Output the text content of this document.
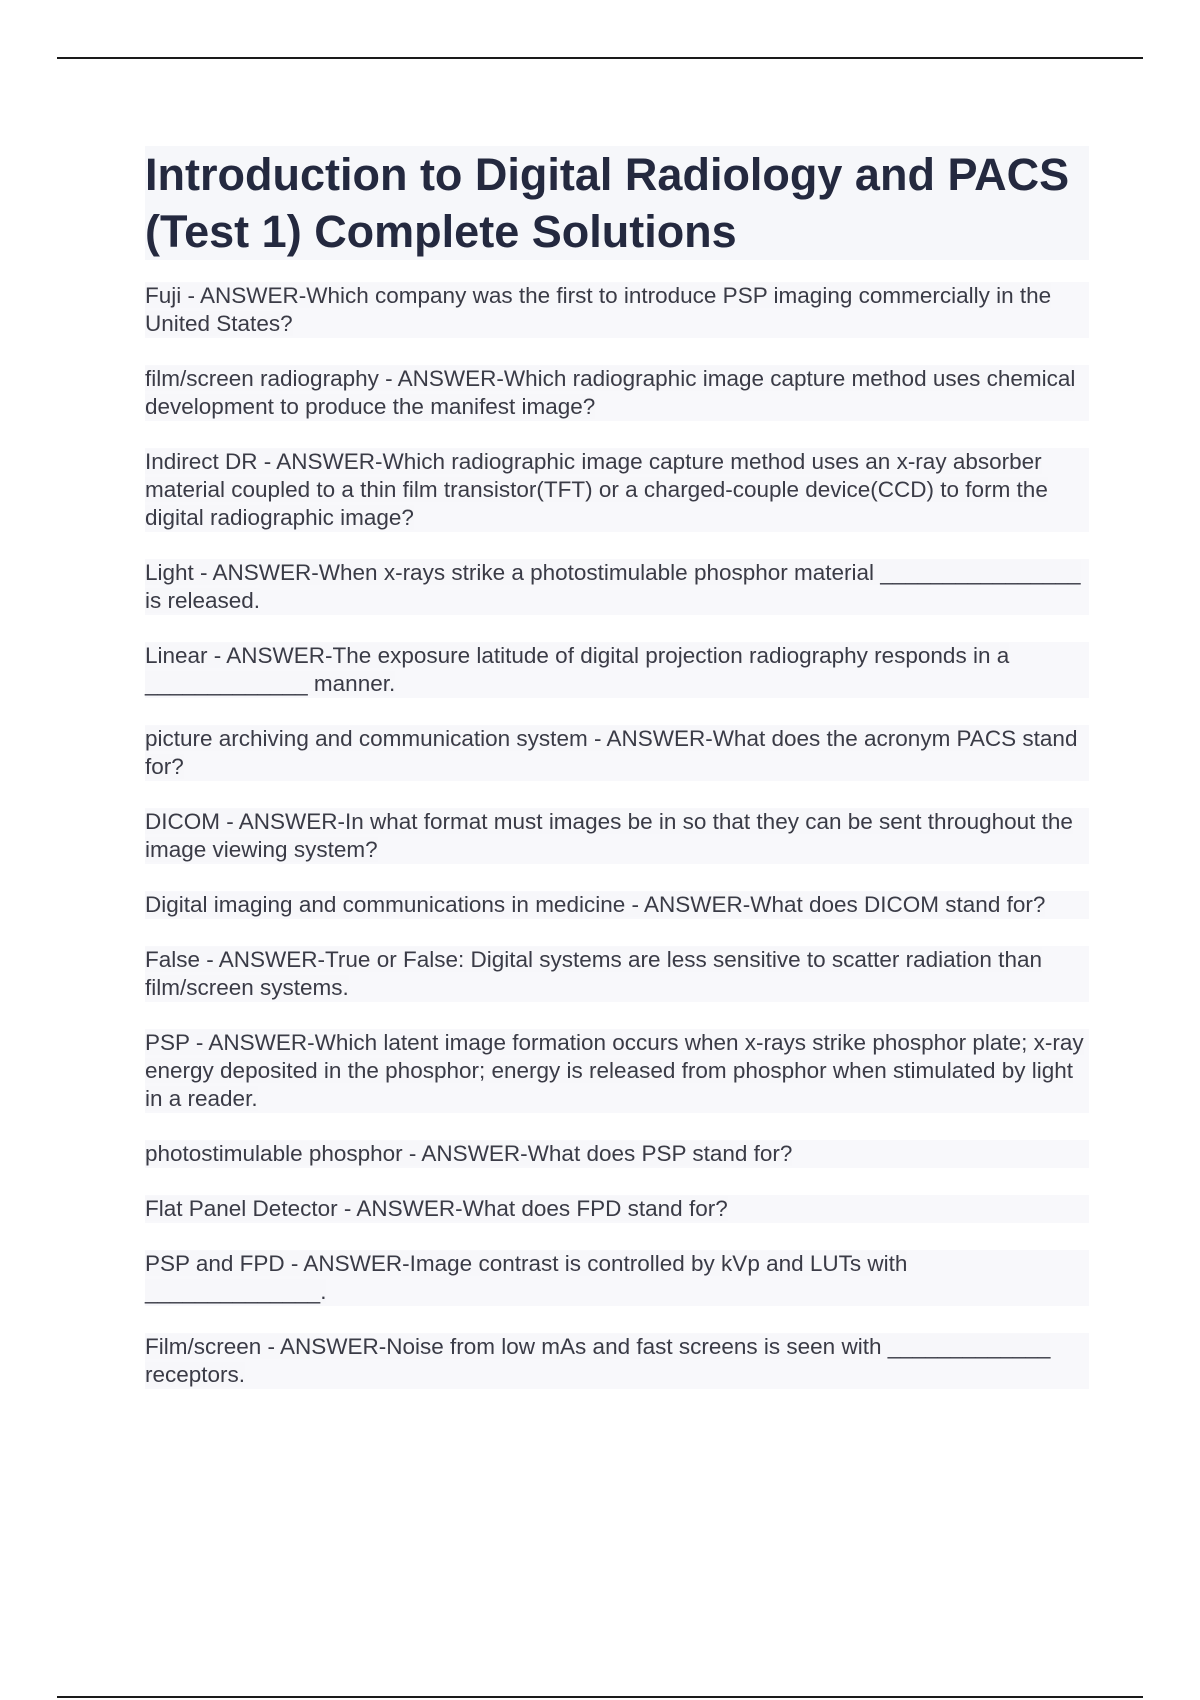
Introduction to Digital Radiology and PACS (Test 1) Complete Solutions
Fuji - ANSWER-Which company was the first to introduce PSP imaging commercially in the United States?
film/screen radiography - ANSWER-Which radiographic image capture method uses chemical development to produce the manifest image?
Indirect DR - ANSWER-Which radiographic image capture method uses an x-ray absorber material coupled to a thin film transistor(TFT) or a charged-couple device(CCD) to form the digital radiographic image?
Light - ANSWER-When x-rays strike a photostimulable phosphor material ________________ is released.
Linear - ANSWER-The exposure latitude of digital projection radiography responds in a _____________ manner.
picture archiving and communication system - ANSWER-What does the acronym PACS stand for?
DICOM - ANSWER-In what format must images be in so that they can be sent throughout the image viewing system?
Digital imaging and communications in medicine - ANSWER-What does DICOM stand for?
False - ANSWER-True or False: Digital systems are less sensitive to scatter radiation than film/screen systems.
PSP - ANSWER-Which latent image formation occurs when x-rays strike phosphor plate; x-ray energy deposited in the phosphor; energy is released from phosphor when stimulated by light in a reader.
photostimulable phosphor - ANSWER-What does PSP stand for?
Flat Panel Detector - ANSWER-What does FPD stand for?
PSP and FPD - ANSWER-Image contrast is controlled by kVp and LUTs with ______________.
Film/screen - ANSWER-Noise from low mAs and fast screens is seen with _____________ receptors.
